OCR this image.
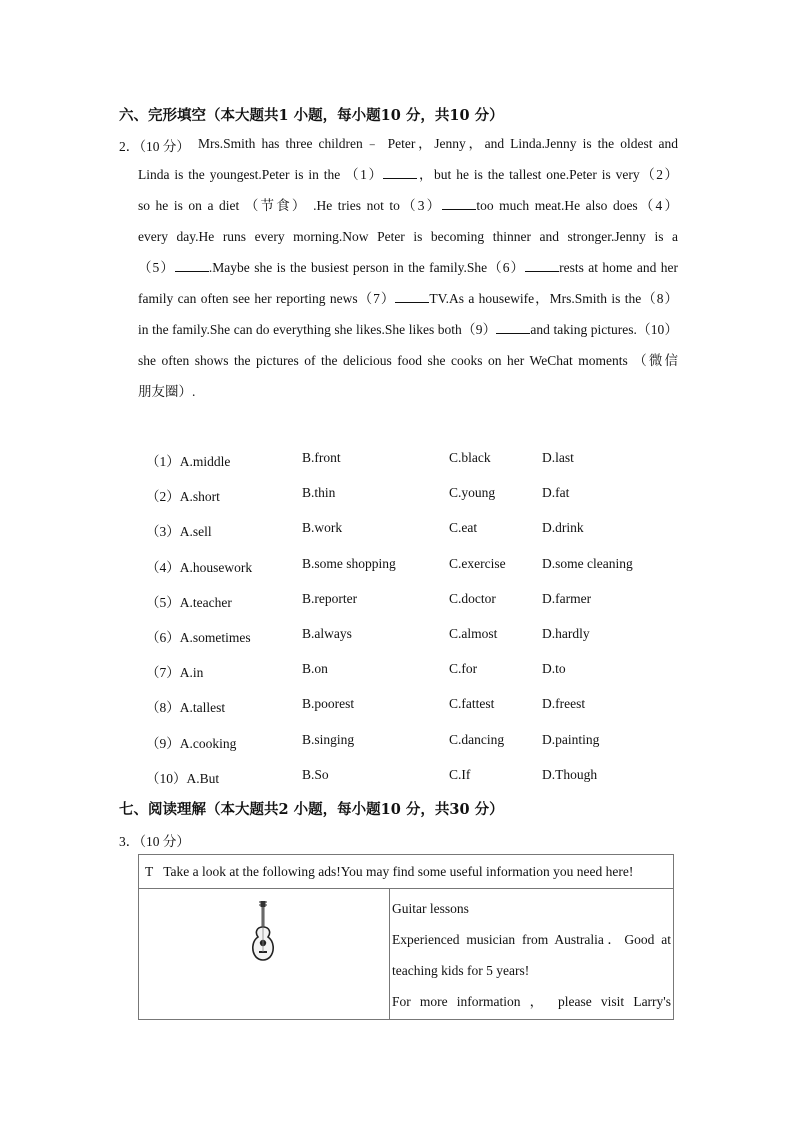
六、完形填空（本大题共1 小题，每小题10 分，共10 分）
2．（10 分） Mrs.Smith has three children﹣ Peter，Jenny，and Linda.Jenny is the oldest and
Linda is the youngest.Peter is in the （1）	，but he is the tallest one.Peter is very（2）
so he is on a diet （节食） .He tries not to（3）	too much meat.He also does（4）
every day.He runs every morning.Now Peter is becoming thinner and stronger.Jenny is a
（5）	.Maybe she is the busiest person in the family.She（6）	rests at home and her
family can often see her reporting news（7）	TV.As a housewife，Mrs.Smith is the（8）
in the family.She can do everything she likes.She likes both（9）	and taking pictures.（10）
she often shows the pictures of the delicious food she cooks on her WeChat moments （微信
朋友圈）.
（1）A.middle	B.front	C.black	D.last
（2）A.short	B.thin	C.young	D.fat
（3）A.sell	B.work	C.eat	D.drink
（4）A.housework	B.some shopping	C.exercise	D.some cleaning
（5）A.teacher	B.reporter	C.doctor	D.farmer
（6）A.sometimes	B.always	C.almost	D.hardly
（7）A.in	B.on	C.for	D.to
（8）A.tallest	B.poorest	C.fattest	D.freest
（9）A.cooking	B.singing	C.dancing	D.painting
（10）A.But	B.So	C.If	D.Though
七、阅读理解（本大题共2 小题，每小题10 分，共30 分）
3．（10 分）
T Take a look at the following ads!You may find some useful information you need here!

Guitar lessons
Experienced musician from Australia．Good at
teaching kids for 5 years!
For more information ， please visit Larry's
